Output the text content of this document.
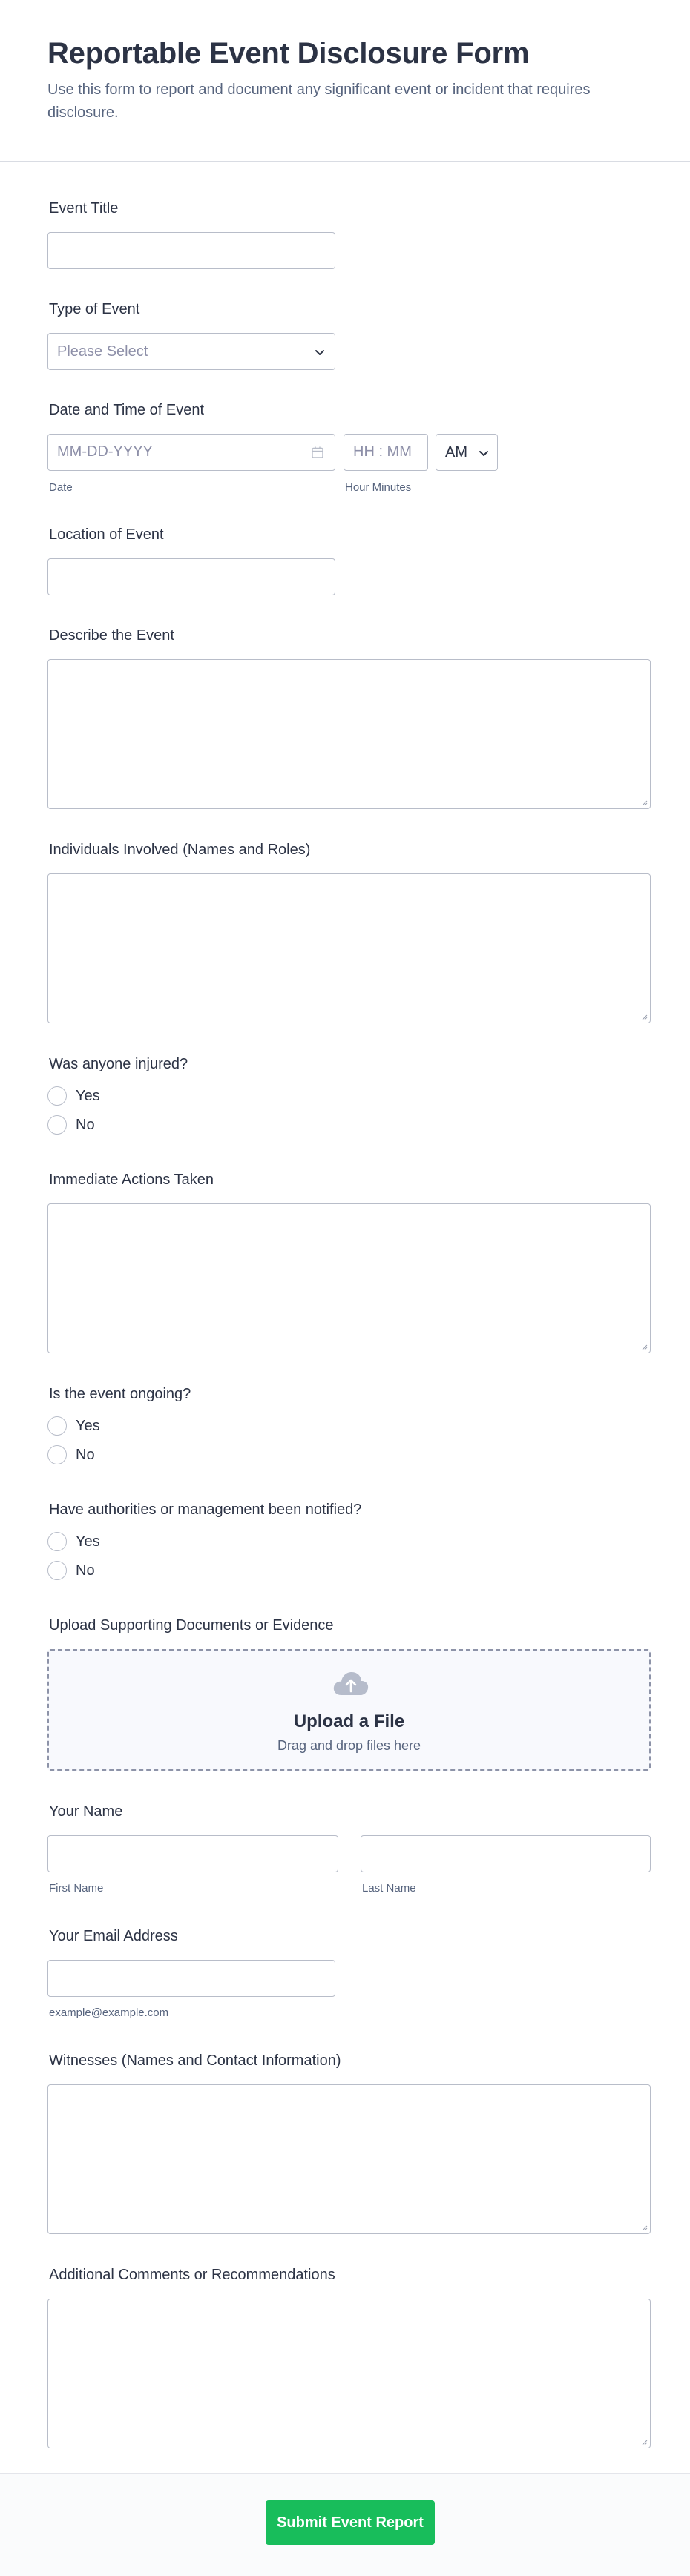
Reportable Event Disclosure Form

Use this form to report and document any significant event or incident that requires disclosure.

Event Title
Type of Event
Please Select
Date and Time of Event
MM-DD-YYYY
Date
HH : MM
Hour Minutes
AM
Location of Event
Describe the Event
Individuals Involved (Names and Roles)
Was anyone injured?
Yes
No
Immediate Actions Taken
Is the event ongoing?
Yes
No
Have authorities or management been notified?
Yes
No
Upload Supporting Documents or Evidence
Upload a File
Drag and drop files here
Your Name
First Name	Last Name
Your Email Address
example@example.com
Witnesses (Names and Contact Information)
Additional Comments or Recommendations
Submit Event Report
